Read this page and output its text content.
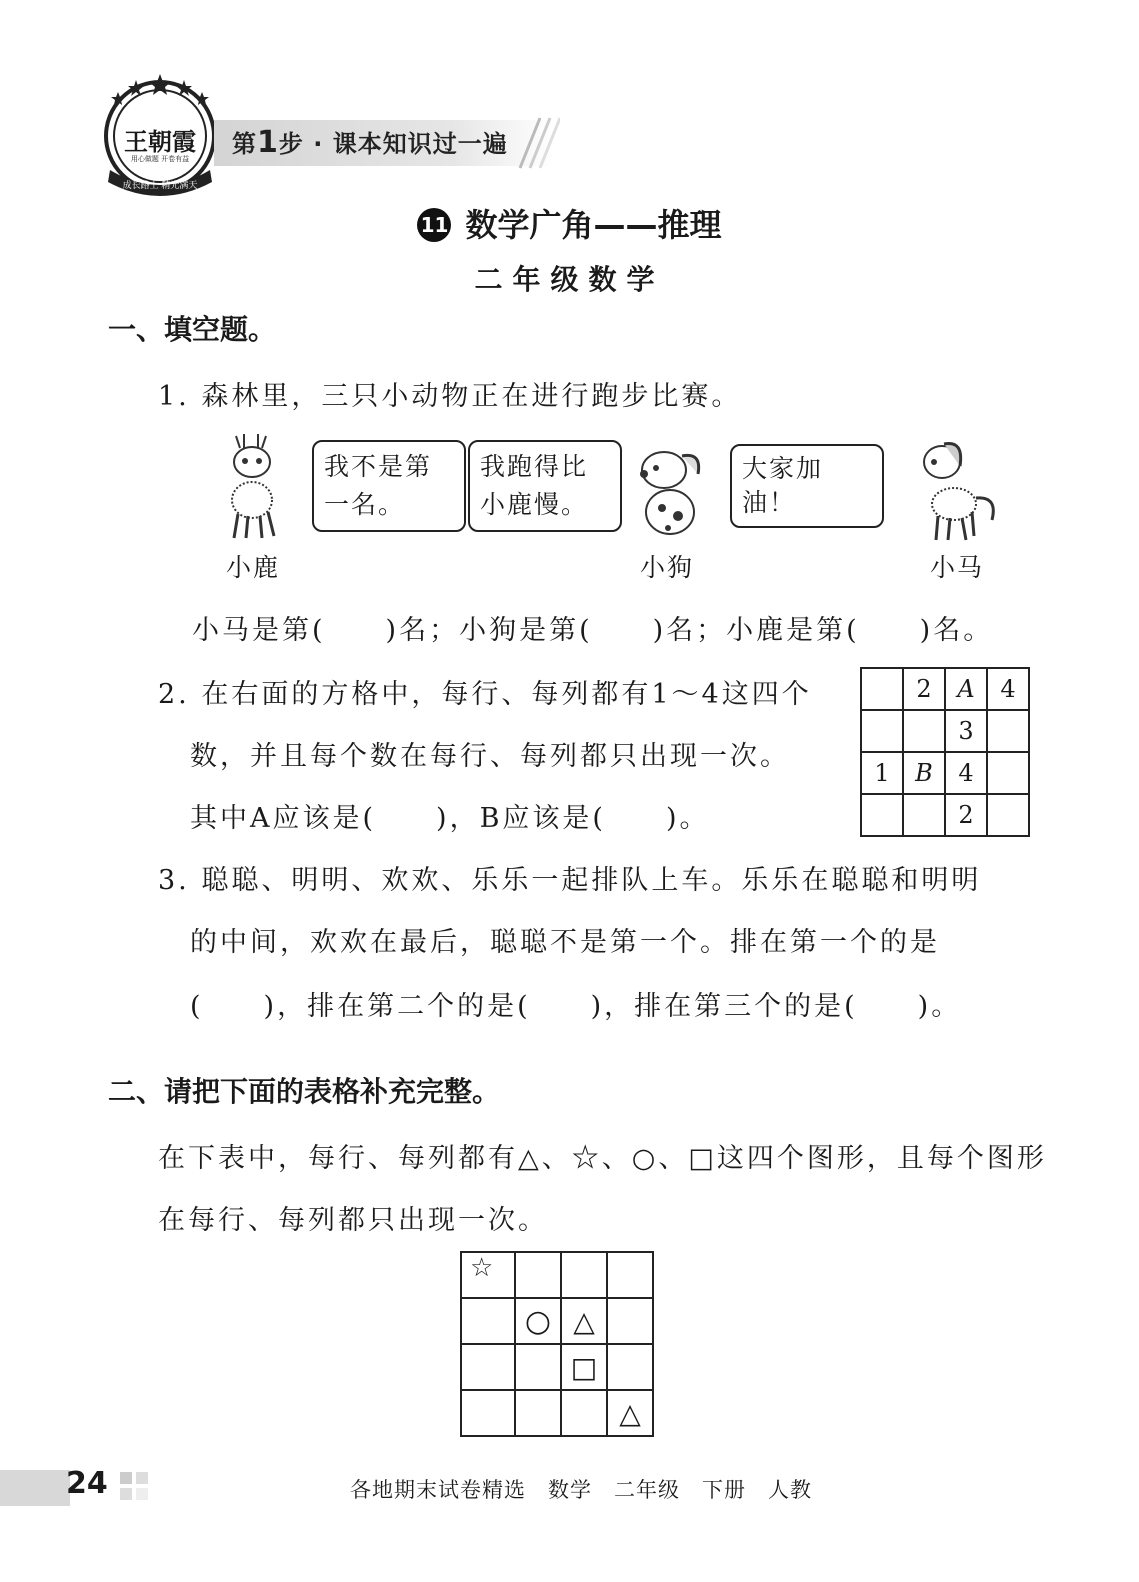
王朝霞
用心做题 开卷有益
成长路上 精光满天
第1步 · 课本知识过一遍
11 数学广角——推理
二年级数学
一、填空题。
1. 森林里，三只小动物正在进行跑步比赛。
我不是第
一名。
我跑得比
小鹿慢。
大家加油！
小鹿	小狗	小马
小马是第(　　)名；小狗是第(　　)名；小鹿是第(　　)名。
2. 在右面的方格中，每行、每列都有1～4这四个
数，并且每个数在每行、每列都只出现一次。
其中A应该是(　　)，B应该是(　　)。
	2	A	4
		3	
1	B	4	
		2	
3. 聪聪、明明、欢欢、乐乐一起排队上车。乐乐在聪聪和明明
的中间，欢欢在最后，聪聪不是第一个。排在第一个的是
(　　)，排在第二个的是(　　)，排在第三个的是(　　)。
二、请把下面的表格补充完整。
在下表中，每行、每列都有△、☆、○、□这四个图形，且每个图形
在每行、每列都只出现一次。
☆			
	○	△	
		□	
			△
24	各地期末试卷精选　数学　二年级　下册　人教
